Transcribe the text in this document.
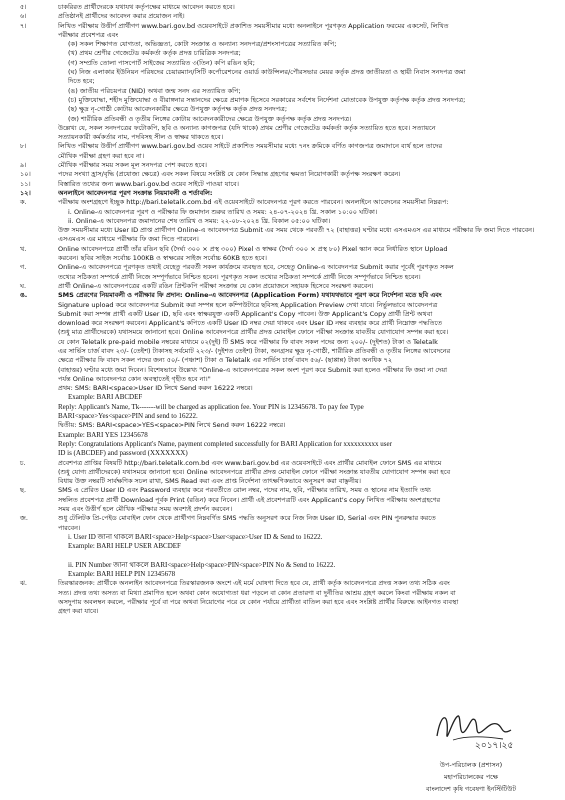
৫।	চাকরিরত প্রার্থীদেরকে যথাযথ কর্তৃপক্ষের মাধ্যমে আবেদন করতে হবে।
৬।	প্রতিষ্ঠানই প্রার্থীদের আবেদন করার প্রয়োজন নাই।
৭।	লিখিত পরীক্ষায় উত্তীর্ণ প্রার্থীগণ www.bari.gov.bd ওয়েবসাইটে প্রকাশিত সময়সীমার মধ্যে অনলাইনে পূরণকৃত Application ফরমের একসেট, লিখিত
পরীক্ষার প্রবেশপত্র এবং
(ক) সকল শিক্ষাগত যোগ্যতা, অভিজ্ঞতা, কোটা সংক্রান্ত ও অন্যান্য সনদপত্র/প্রশংসাপত্রের সত্যায়িত কপি;
(খ) প্রথম শ্রেণীর গেজেটেড কর্মকর্তা কর্তৃক প্রদত্ত চারিত্রিক সনদপত্র;
(গ) সম্প্রতি তোলা পাসপোর্ট সাইজের সত্যায়িত ৩(তিন) কপি রঙিন ছবি;
(ঘ) নিজ এলাকার ইউনিয়ন পরিষদের চেয়ারম্যান/সিটি কর্পোরেশনের ওয়ার্ড কাউন্সিলর/পৌরসভার মেয়র কর্তৃক প্রদত্ত জাতীয়তা ও স্থায়ী নিবাস সনদপত্র জমা
দিতে হবে;
(ঙ) জাতীয় পরিচয়পত্র (NID) অথবা জন্ম সনদ এর সত্যায়িত কপি;
(চ) মুক্তিযোদ্ধা, শহীদ মুক্তিযোদ্ধা ও বীরাঙ্গনার সন্তানদের ক্ষেত্রে প্রমাণক হিসেবে সরকারের সর্বশেষ নির্দেশনা মোতাবেক উপযুক্ত কর্তৃপক্ষ কর্তৃক প্রদত্ত সনদপত্র;
(ছ) ক্ষুদ্র নৃ-গোষ্ঠী কোটায় আবেদনকারীর ক্ষেত্রে উপযুক্ত কর্তৃপক্ষ কর্তৃক প্রদত্ত সনদপত্র;
(জ) শারীরিক প্রতিবন্ধী ও তৃতীয় লিঙ্গের কোটায় আবেদনকারীদের ক্ষেত্রে উপযুক্ত কর্তৃপক্ষ কর্তৃক প্রদত্ত সনদপত্র।
উল্লেখ্য যে, সকল সনদপত্রের ফটোকপি, ছবি ও অন্যান্য কাগজপত্র (যদি থাকে) প্রথম শ্রেণীর গেজেটেড কর্মকর্তা কর্তৃক সত্যায়িত হতে হবে। সত্যায়নে
সত্যায়নকারী কর্মকর্তার নাম, পদবিসহ সীল ও স্বাক্ষর থাকতে হবে।
৮।	লিখিত পরীক্ষায় উত্তীর্ণ প্রার্থীগণ www.bari.gov.bd ওয়েব সাইটে প্রকাশিত সময়সীমার মধ্যে ৭নং ক্রমিকে বর্ণিত কাগজপত্র জমাদানে ব্যর্থ হলে তাদের
মৌখিক পরীক্ষা গ্রহণ করা হবে না।
৯।	মৌখিক পরীক্ষার সময় সকল মূল সনদপত্র পেশ করতে হবে।
১০।	পদের সংখ্যা হ্রাস/বৃদ্ধি (প্রযোজ্য ক্ষেত্রে) এবং সকল বিষয়ে সংশ্লিষ্ট যে কোন সিদ্ধান্ত গ্রহণের ক্ষমতা নিয়োগকারী কর্তৃপক্ষ সংরক্ষণ করেন।
১১।	বিস্তারিত তথ্যের জন্য www.bari.gov.bd ওয়েব সাইটে পাওয়া যাবে।
১২।	অনলাইনে আবেদনপত্র পূরণ সংক্রান্ত নিয়মাবলী ও শর্তাবলি:
ক.	পরীক্ষায় অংশগ্রহণে ইচ্ছুক http://bari.teletalk.com.bd এই ওয়েবসাইটে আবেদনপত্র পূরণ করতে পারবেন। অনলাইনে আবেদনের সময়সীমা নিম্নরূপ:
i. Online-এ আবেদনপত্র পূরণ ও পরীক্ষার ফি জমাদান শুরুর তারিখ ও সময়: ২৪-০৭-২০২৪ খ্রি. সকাল ১০:০০ ঘটিকা।
ii. Online-এ আবেদনপত্র জমাদানের শেষ তারিখ ও সময়: ২২-০৮-২০২৪ খ্রি. বিকাল ০৫:০০ ঘটিকা।
উক্ত সময়সীমার মধ্যে User ID প্রাপ্ত প্রার্থীগণ Online-এ আবেদনপত্র Submit এর সময় থেকে পরবর্তী ৭২ (বাহাত্তর) ঘণ্টার মধ্যে এসএমএস এর মাধ্যমে পরীক্ষার ফি জমা দিতে পারবেন।
এসএমএস এর মাধ্যমে পরীক্ষার ফি জমা দিতে পারবেন।
খ.	Online আবেদনপত্রে প্রার্থী তাঁর রঙিন ছবি (দৈর্ঘ্য ৩০০ × প্রস্থ ৩০০) Pixel ও স্বাক্ষর (দৈর্ঘ্য ৩০০ × প্রস্থ ৮০) Pixel স্ক্যান করে নির্ধারিত স্থানে Upload
করবেন। ছবির সাইজ সর্বোচ্চ 100KB ও স্বাক্ষরের সাইজ সর্বোচ্চ 60KB হতে হবে।
গ.	Online-এ আবেদনপত্রে পূরণকৃত তথ্যই যেহেতু পরবর্তী সকল কার্যক্রমে ব্যবহৃত হবে, সেহেতু Online-এ আবেদনপত্র Submit করার পূর্বেই পূরণকৃত সকল
তথ্যের সঠিকতা সম্পর্কে প্রার্থী নিজে সম্পূর্ণভাবে নিশ্চিত হবেন। পূরণকৃত সকল তথ্যের সঠিকতা সম্পর্কে প্রার্থী নিজে সম্পূর্ণভাবে নিশ্চিত হবেন।
ঘ.	প্রার্থী Online-এ আবেদনপত্রের একটি রঙিন প্রিন্টকপি পরীক্ষা সংক্রান্ত যে কোন প্রয়োজনে সহায়ক হিসেবে সংরক্ষণ করবেন।
ঙ.	SMS প্রেরণের নিয়মাবলী ও পরীক্ষার ফি প্রদান: Online-এ আবেদনপত্র (Application Form) যথাযথভাবে পূরণ করে নির্দেশনা মতে ছবি এবং
Signature upload করে আবেদনপত্র Submit করা সম্পন্ন হলে কম্পিউটারে ছবিসহ Application Preview দেখা যাবে। নির্ভুলভাবে আবেদনপত্র
Submit করা সম্পন্ন প্রার্থী একটি User ID, ছবি এবং স্বাক্ষরযুক্ত একটি Applicant's Copy পাবেন। উক্ত Applicant's Copy প্রার্থী প্রিন্ট অথবা
download করে সংরক্ষণ করবেন। Applicant's কপিতে একটি User ID নম্বর দেয়া থাকবে এবং User ID নম্বর ব্যবহার করে প্রার্থী নিম্নোক্ত পদ্ধতিতে
(শুধু মাত্র প্রার্থীদেরকে) যথাসময়ে জানানো হবে। Online আবেদনপত্রে প্রার্থীর প্রদত্ত মোবাইল ফোনে পরীক্ষা সংক্রান্ত যাবতীয় যোগাযোগ সম্পন্ন করা হবে।
যে কোন Teletalk pre-paid mobile নম্বরের মাধ্যমে ০২(দুই) টি SMS করে পরীক্ষার ফি বাবদ সকল পদের জন্য ২০০/- (দুইশত) টাকা ও Teletalk
এর সার্ভিস চার্জ বাবদ ২৩/- (তেইশ) টাকাসহ সর্বমোট ২২৩/- (দুইশত তেইশ) টাকা, অনগ্রসর ক্ষুদ্র নৃ-গোষ্ঠী, শারীরিক প্রতিবন্ধী ও তৃতীয় লিঙ্গের আবেদনের
ক্ষেত্রে পরীক্ষার ফি বাবদ সকল পদের জন্য ৫০/- (পঞ্চাশ) টাকা ও Teletalk এর সার্ভিস চার্জ বাবদ ৫৬/- (ছাপ্পান্ন) টাকা অনধিক ৭২
(বাহাত্তর) ঘণ্টার মধ্যে জমা দিবেন। বিশেষভাবে উল্লেখ্য "Online-এ আবেদনপত্রের সকল অংশ পূরণ করে Submit করা হলেও পরীক্ষার ফি জমা না দেয়া
পর্যন্ত Online আবেদনপত্র কোন অবস্থাতেই গৃহীত হবে না।"
প্রথম: SMS: BARI<space>User ID লিখে Send করুন 16222 নম্বরে।
Example: BARI ABCDEF
Reply: Applicant's Name, Tk-------will be charged as application fee. Your PIN is 12345678. To pay fee Type
BARI<space>Yes<space>PIN and send to 16222.
দ্বিতীয়: SMS: BARI<space>YES<space>PIN লিখে Send করুন 16222 নম্বরে।
Example: BARI YES 12345678
Reply: Congratulations Applicant's Name, payment completed successfully for BARI Application for xxxxxxxxxx user
ID is (ABCDEF) and password (XXXXXXX)
চ.	প্রবেশপত্র প্রাপ্তির বিষয়টি http://bari.teletalk.com.bd এবং www.bari.gov.bd এর ওয়েবসাইটে এবং প্রার্থীর মোবাইল ফোনে SMS এর মাধ্যমে
(শুধু যোগ্য প্রার্থীদেরকে) যথাসময়ে জানানো হবে। Online আবেদনপত্রে প্রার্থীর প্রদত্ত মোবাইল ফোনে পরীক্ষা সংক্রান্ত যাবতীয় যোগাযোগ সম্পন্ন করা হবে
বিধায় উক্ত নম্বরটি সার্বক্ষণিক সচল রাখা, SMS Read করা এবং প্রাপ্ত নির্দেশনা তাৎক্ষণিকভাবে অনুসরণ করা বাঞ্ছনীয়।
ছ.	SMS এ প্রেরিত User ID এবং Password ব্যবহার করে পরবর্তীতে রোল নম্বর, পদের নাম, ছবি, পরীক্ষার তারিখ, সময় ও স্থানের নাম ইত্যাদি তথ্য
সম্বলিত প্রবেশপত্র প্রার্থী Download পূর্বক Print (রঙিন) করে নিবেন। প্রার্থী এই প্রবেশপত্রটি এবং Applicant's copy লিখিত পরীক্ষায় অংশগ্রহণের
সময় এবং উত্তীর্ণ হলে মৌখিক পরীক্ষার সময় অবশ্যই প্রদর্শন করবেন।
জ.	শুধু টেলিটক প্রি-পেইড মোবাইল ফোন থেকে প্রার্থীগণ নিম্নবর্ণিত SMS পদ্ধতি অনুসরণ করে নিজ নিজ User ID, Serial এবং PIN পুনরুদ্ধার করতে
পারবেন।
i. User ID জানা থাকলে BARI<space>Help<space>User<space>User ID & Send to 16222.
Example: BARI HELP USER ABCDEF
ii. PIN Number জানা থাকলে BARI<space>Help<space>PIN<space>PIN No & Send to 16222.
Example: BARI HELP PIN 12345678
ঝ.	তিরস্কারজনক: প্রার্থীকে অনলাইন আবেদনপত্রে তিরস্কারজনক অংশে এই মর্মে ঘোষণা দিতে হবে যে, প্রার্থী কর্তৃক আবেদনপত্রে প্রদত্ত সকল তথ্য সঠিক এবং
সত্য। প্রদত্ত তথ্য অসত্য বা মিথ্যা প্রমাণিত হলে অথবা কোন অযোগ্যতা ধরা পড়লে বা কোন প্রতারণা বা দুর্নীতির আশ্রয় গ্রহণ করলে কিংবা পরীক্ষায় নকল বা
অসদুপায় অবলম্বন করলে, পরীক্ষার পূর্বে বা পরে অথবা নিয়োগের পরে যে কোন পর্যায়ে প্রার্থীতা বাতিল করা হবে এবং সংশ্লিষ্ট প্রার্থীর বিরুদ্ধে আইনগত ব্যবস্থা
গ্রহণ করা যাবে।
২০১৭।২৫
উপ-পরিচালক (প্রশাসন)
মহাপরিচালকের পক্ষে
বাংলাদেশ কৃষি গবেষণা ইনস্টিটিউট
